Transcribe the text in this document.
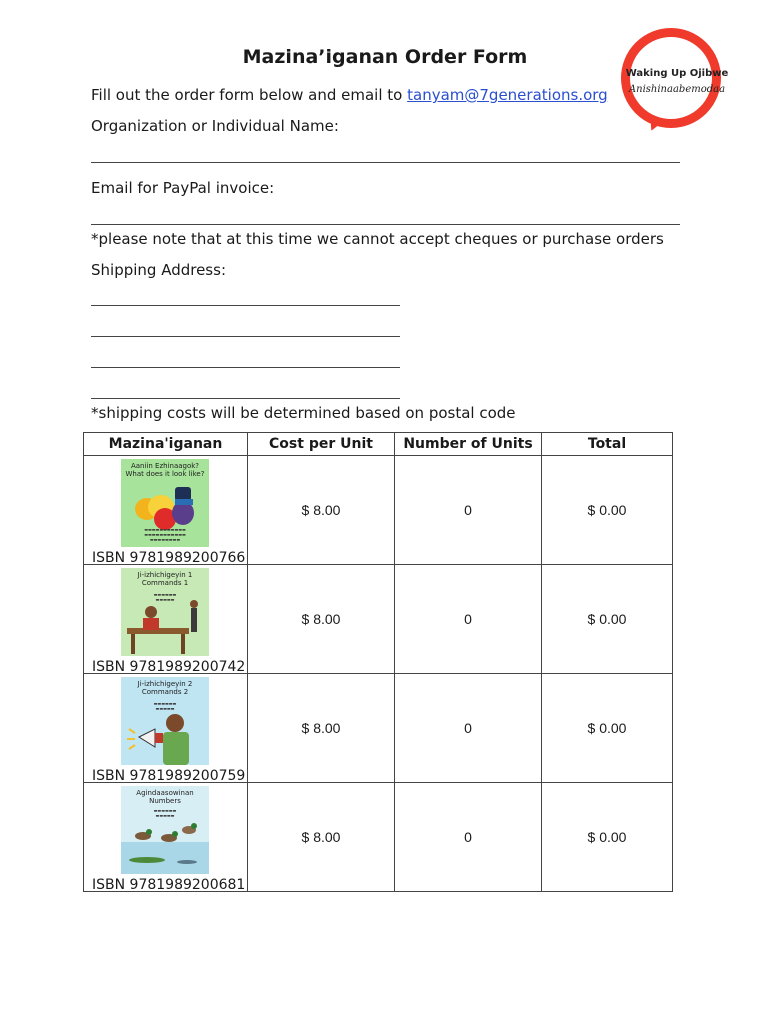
Mazina’iganan Order Form
Fill out the order form below and email to tanyam@7generations.org
Organization or Individual Name:
Email for PayPal invoice:
*please note that at this time we cannot accept cheques or purchase orders
Shipping Address:
*shipping costs will be determined based on postal code
Waking Up Ojibwe
Anishinaabemodaa
Mazina'iganan	Cost per Unit	Number of Units	Total

Aaniin Ezhinaagok? What does it look like?
▬▬▬▬▬▬▬▬▬▬▬
▬▬▬▬▬▬▬▬▬▬▬
▬▬▬▬▬▬▬▬
ISBN 9781989200766	$ 8.00	0	$ 0.00

Ji-izhichigeyin 1 Commands 1
▬▬▬▬▬▬
▬▬▬▬▬
ISBN 9781989200742	$ 8.00	0	$ 0.00

Ji-izhichigeyin 2 Commands 2
▬▬▬▬▬▬
▬▬▬▬▬
ISBN 9781989200759	$ 8.00	0	$ 0.00

Agindaasowinan Numbers
▬▬▬▬▬▬
▬▬▬▬▬
ISBN 9781989200681	$ 8.00	0	$ 0.00
